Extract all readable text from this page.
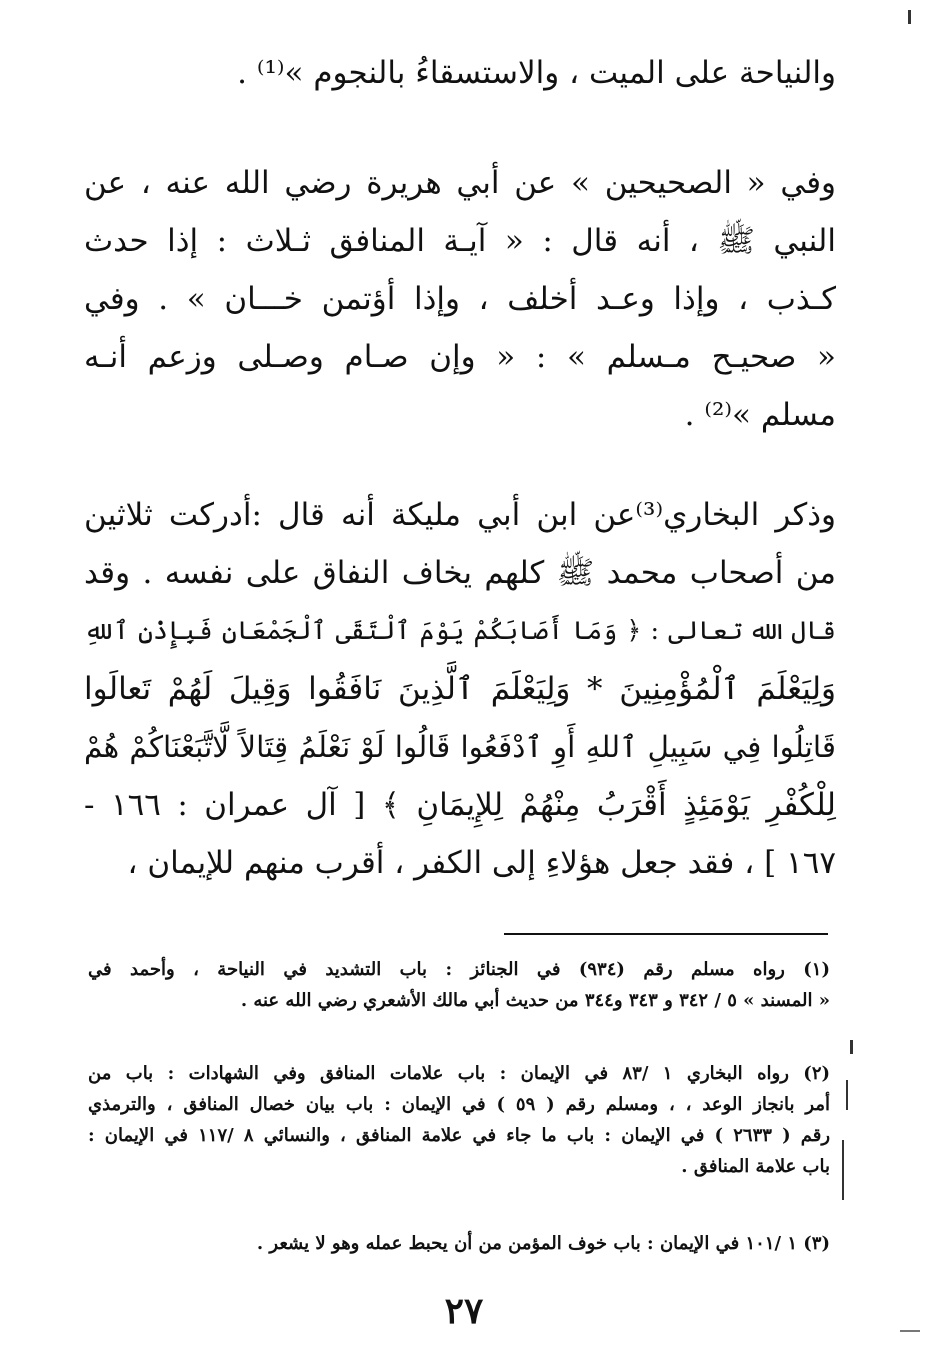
والنياحة على الميت ، والاستسقاءُ بالنجوم »⁽¹⁾ .
وفي « الصحيحين » عن أبي هريرة رضي الله عنه ، عن
النبي ﷺ ، أنه قال : « آيـة المنافق ثـلاث : إذا حدث
كـذب ، وإذا وعـد أخلف ، وإذا أؤتمن خـــان » . وفي
« صحيـح مـسلم » : « وإن صـام وصـلى وزعم أنـه
مسلم »⁽²⁾ .
وذكر البخاري⁽³⁾عن ابن أبي مليكة أنه قال :أدركت ثلاثين
من أصحاب محمد ﷺ كلهم يخاف النفاق على نفسه . وقد
قال الله تعالى : ﴿ وَمَا أَصَابَكُمْ يَوْمَ ٱلْتَقَى ٱلْجَمْعَانِ فَبِإِذْنِ ٱللهِ
وَلِيَعْلَمَ ٱلْمُؤْمِنِينَ * وَلِيَعْلَمَ ٱلَّذِينَ نَافَقُوا وَقِيلَ لَهُمْ تَعالَوا
قَاتِلُوا فِي سَبِيلِ ٱللهِ أَوِ ٱدْفَعُوا قَالُوا لَوْ نَعْلَمُ قِتَالاً لَّاتَّبَعْنَاكُمْ هُمْ
لِلْكُفْرِ يَوْمَئِذٍ أَقْرَبُ مِنْهُمْ لِلإِيمَانِ ﴾ [ آل عمران : ١٦٦ -
١٦٧ ] ، فقد جعل هؤلاءِ إلى الكفر ، أقرب منهم للإيمان ،
(١) رواه مسلم رقم (٩٣٤) في الجنائز : باب التشديد في النياحة ، وأحمد في
« المسند » ٥ / ٣٤٢ و ٣٤٣ و٣٤٤ من حديث أبي مالك الأشعري رضي الله عنه .
(٢) رواه البخاري ١ /٨٣ في الإيمان : باب علامات المنافق وفي الشهادات : باب من
أمر بانجاز الوعد ، ، ومسلم رقم ( ٥٩ ) في الإيمان : باب بيان خصال المنافق ، والترمذي
رقم ( ٢٦٣٣ ) في الإيمان : باب ما جاء في علامة المنافق ، والنسائي ٨ /١١٧ في الإيمان :
باب علامة المنافق .
(٣) ١ /١٠١ في الإيمان : باب خوف المؤمن من أن يحبط عمله وهو لا يشعر .
٢٧
